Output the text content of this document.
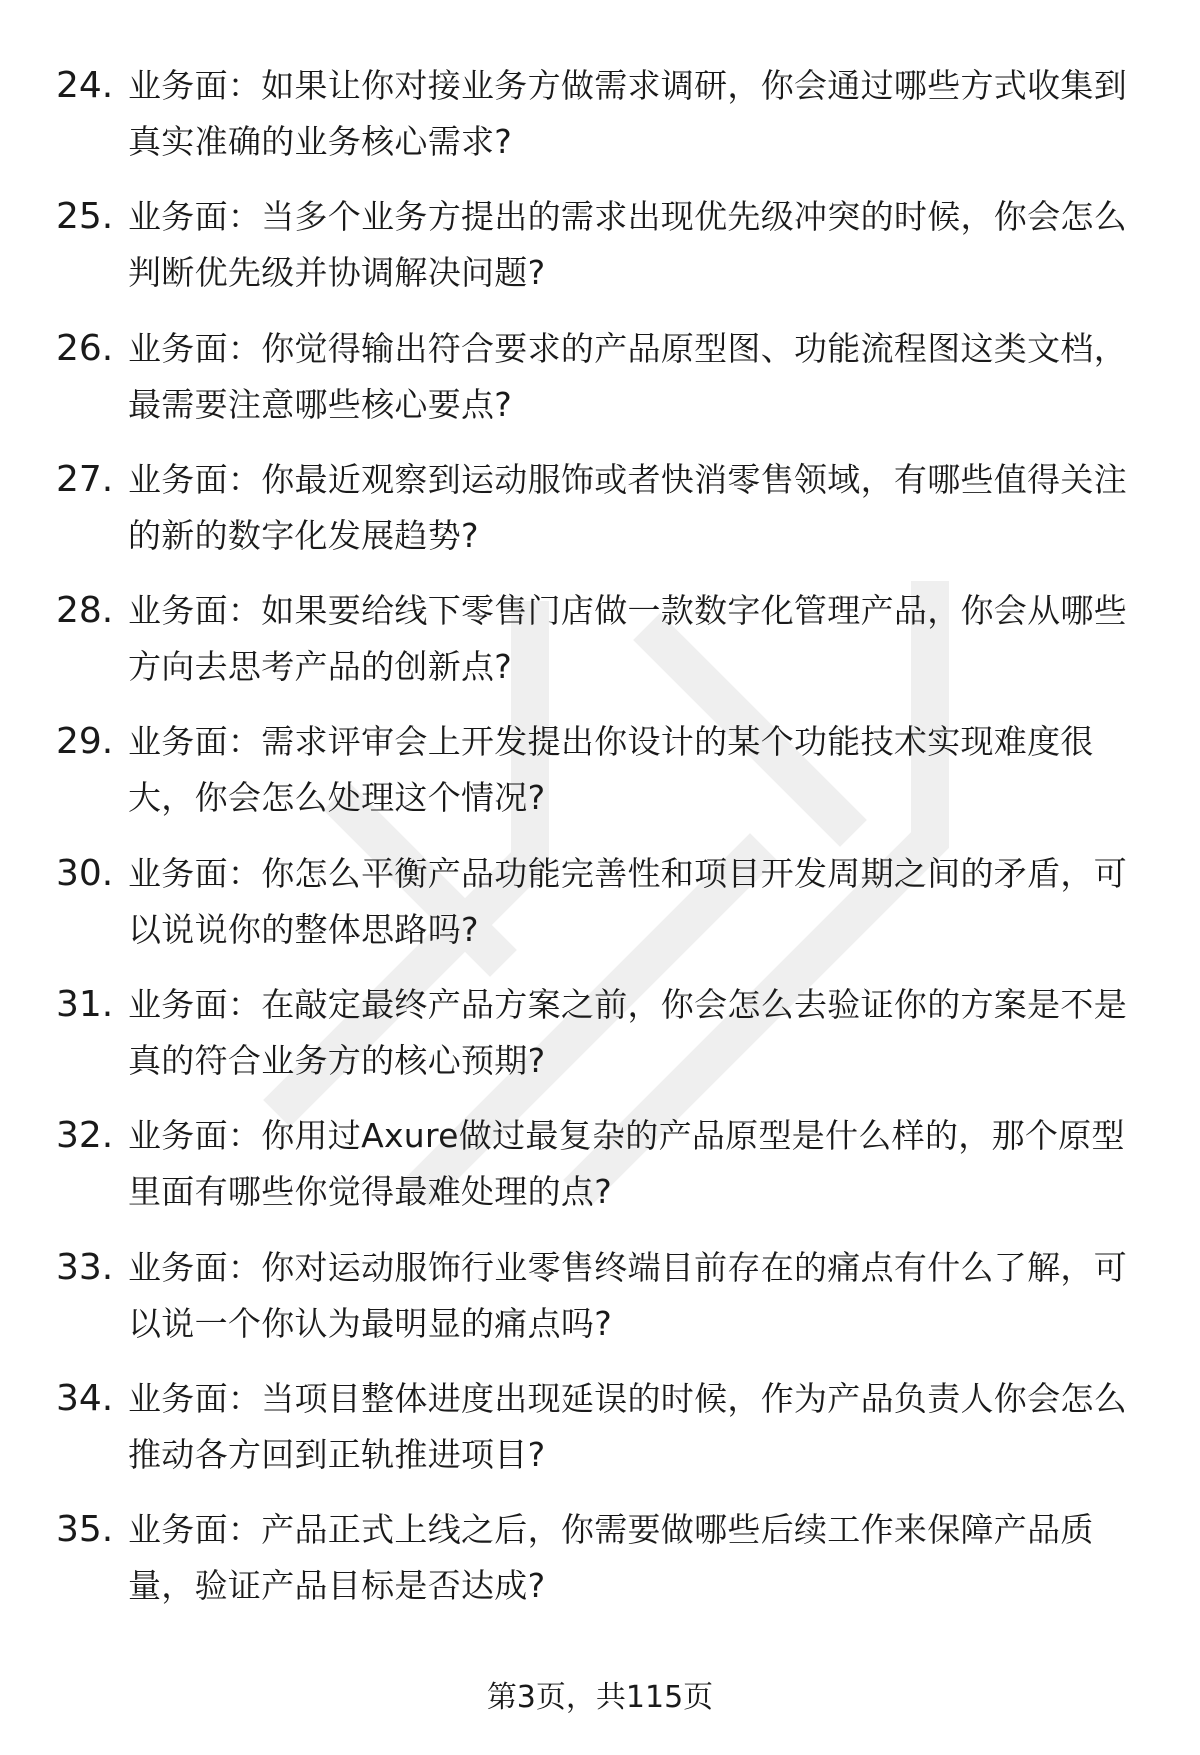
24. 业务面：如果让你对接业务方做需求调研，你会通过哪些方式收集到真实准确的业务核心需求?
25. 业务面：当多个业务方提出的需求出现优先级冲突的时候，你会怎么判断优先级并协调解决问题?
26. 业务面：你觉得输出符合要求的产品原型图、功能流程图这类文档，最需要注意哪些核心要点?
27. 业务面：你最近观察到运动服饰或者快消零售领域，有哪些值得关注的新的数字化发展趋势?
28. 业务面：如果要给线下零售门店做一款数字化管理产品，你会从哪些方向去思考产品的创新点?
29. 业务面：需求评审会上开发提出你设计的某个功能技术实现难度很大，你会怎么处理这个情况?
30. 业务面：你怎么平衡产品功能完善性和项目开发周期之间的矛盾，可以说说你的整体思路吗?
31. 业务面：在敲定最终产品方案之前，你会怎么去验证你的方案是不是真的符合业务方的核心预期?
32. 业务面：你用过Axure做过最复杂的产品原型是什么样的，那个原型里面有哪些你觉得最难处理的点?
33. 业务面：你对运动服饰行业零售终端目前存在的痛点有什么了解，可以说一个你认为最明显的痛点吗?
34. 业务面：当项目整体进度出现延误的时候，作为产品负责人你会怎么推动各方回到正轨推进项目?
35. 业务面：产品正式上线之后，你需要做哪些后续工作来保障产品质量，验证产品目标是否达成?
第3页，共115页
